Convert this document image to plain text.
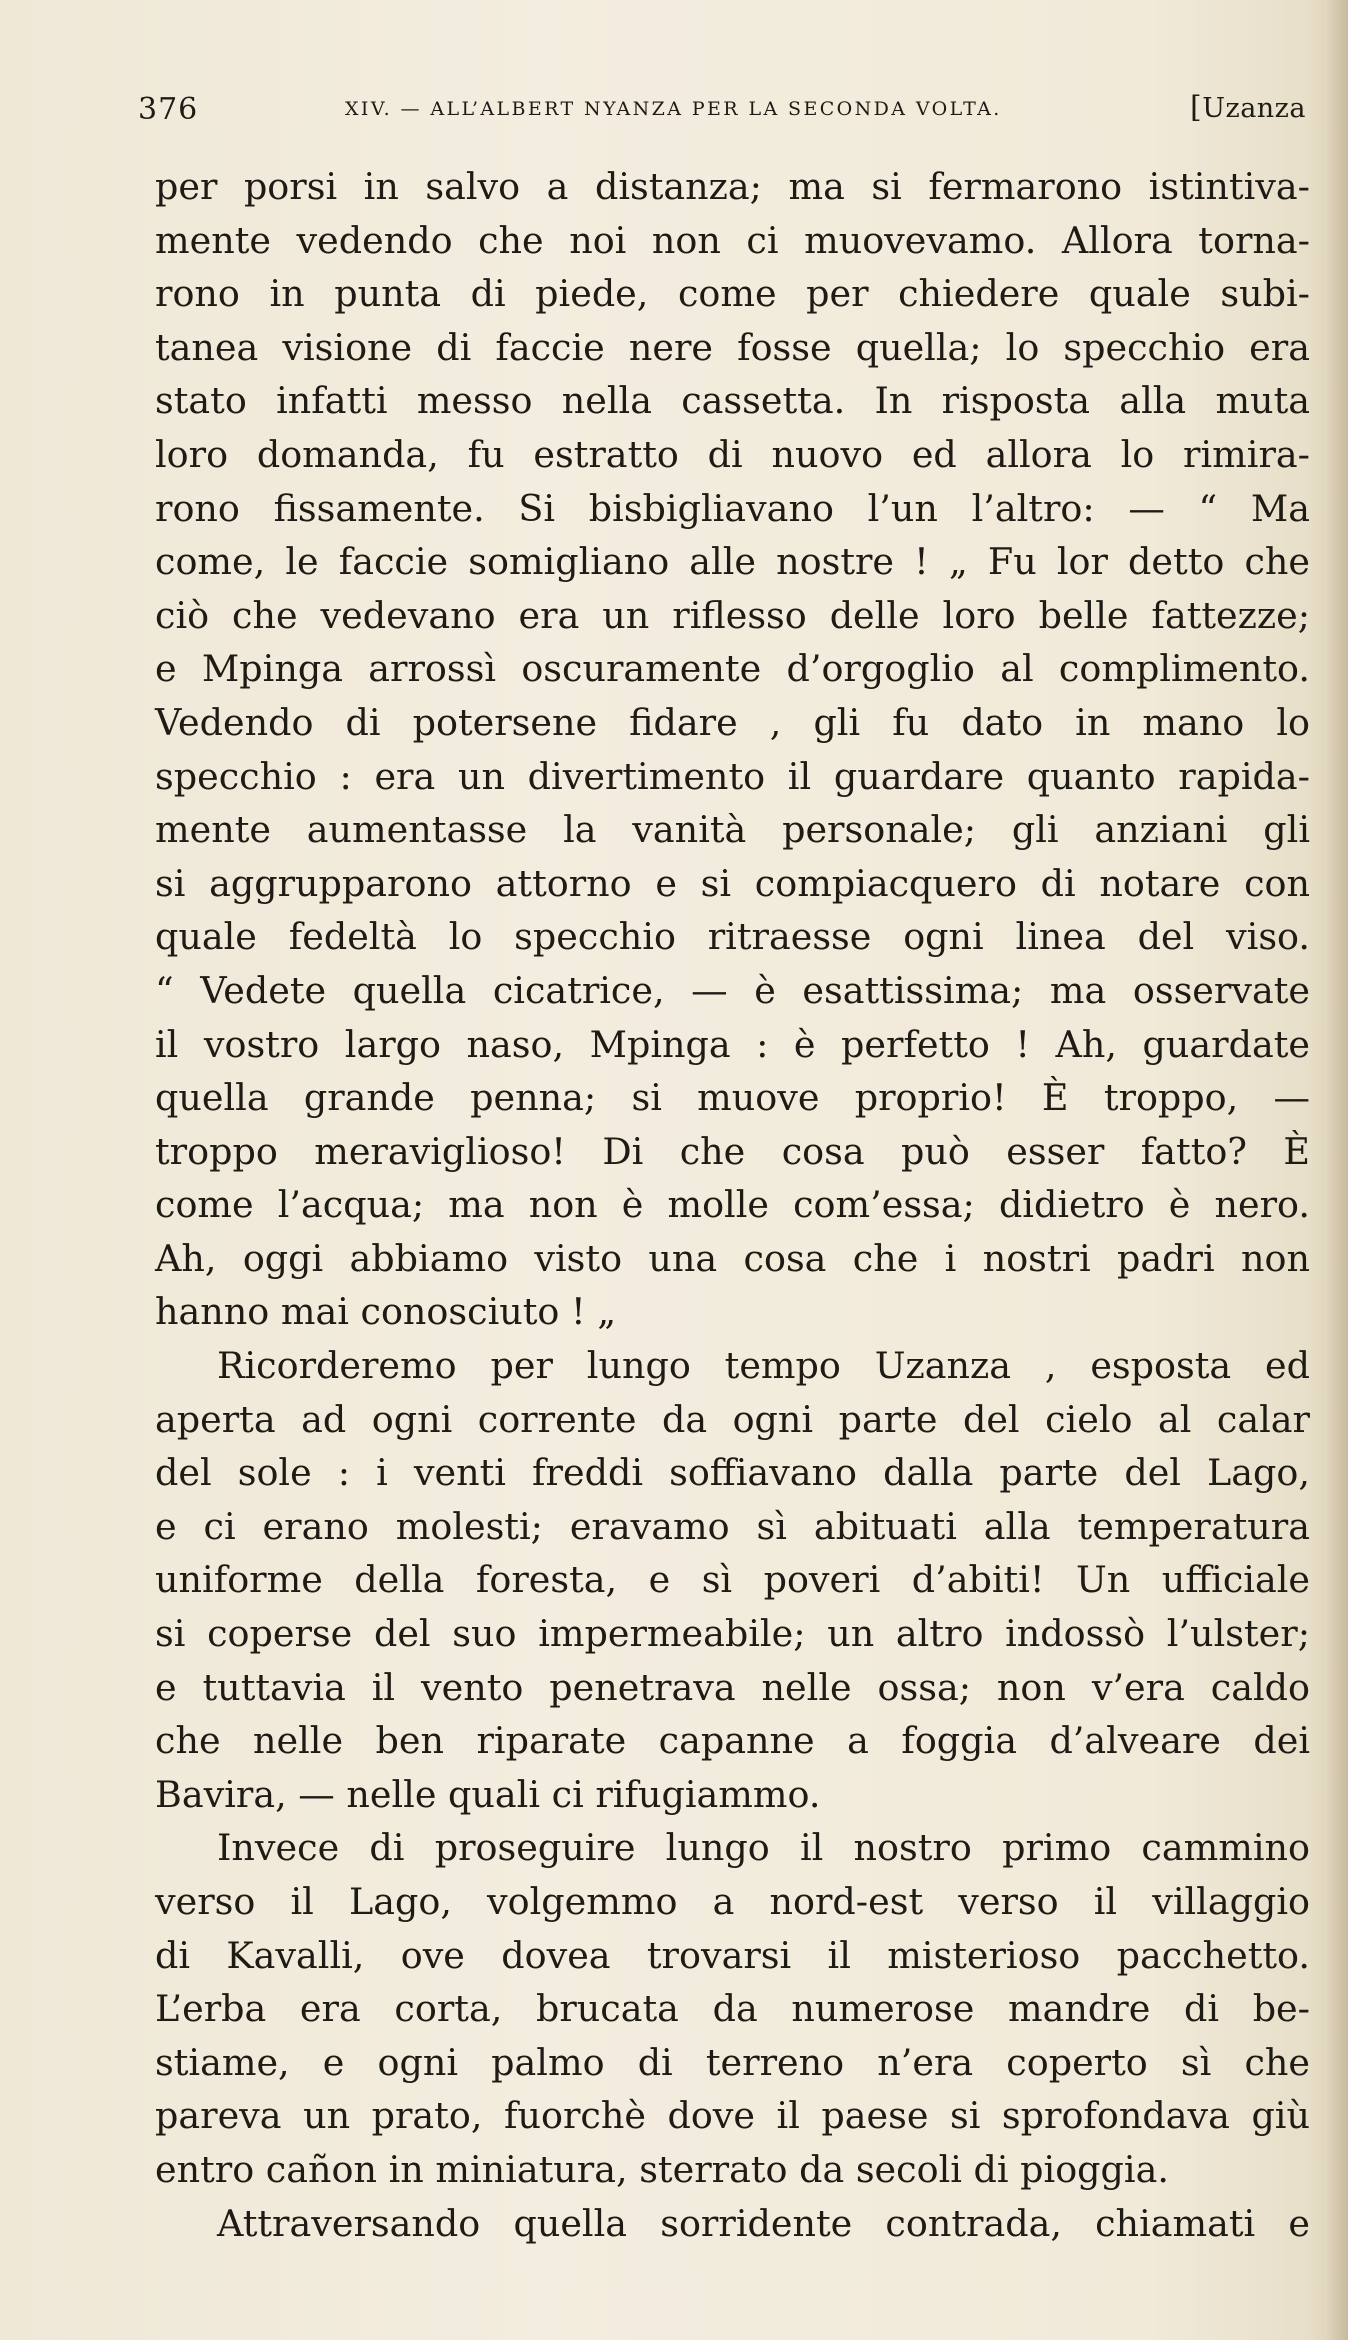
376	XIV. — ALL’ALBERT NYANZA PER LA SECONDA VOLTA.	[Uzanza
per porsi in salvo a distanza; ma si fermarono istintiva-
mente vedendo che noi non ci muovevamo. Allora torna-
rono in punta di piede, come per chiedere quale subi-
tanea visione di faccie nere fosse quella; lo specchio era
stato infatti messo nella cassetta. In risposta alla muta
loro domanda, fu estratto di nuovo ed allora lo rimira-
rono fissamente. Si bisbigliavano l’un l’altro: — “ Ma
come, le faccie somigliano alle nostre ! „ Fu lor detto che
ciò che vedevano era un riflesso delle loro belle fattezze;
e Mpinga arrossì oscuramente d’orgoglio al complimento.
Vedendo di potersene fidare , gli fu dato in mano lo
specchio : era un divertimento il guardare quanto rapida-
mente aumentasse la vanità personale; gli anziani gli
si aggrupparono attorno e si compiacquero di notare con
quale fedeltà lo specchio ritraesse ogni linea del viso.
“ Vedete quella cicatrice, — è esattissima; ma osservate
il vostro largo naso, Mpinga : è perfetto ! Ah, guardate
quella grande penna; si muove proprio! È troppo, —
troppo meraviglioso! Di che cosa può esser fatto? È
come l’acqua; ma non è molle com’essa; didietro è nero.
Ah, oggi abbiamo visto una cosa che i nostri padri non
hanno mai conosciuto ! „
Ricorderemo per lungo tempo Uzanza , esposta ed
aperta ad ogni corrente da ogni parte del cielo al calar
del sole : i venti freddi soffiavano dalla parte del Lago,
e ci erano molesti; eravamo sì abituati alla temperatura
uniforme della foresta, e sì poveri d’abiti! Un ufficiale
si coperse del suo impermeabile; un altro indossò l’ulster;
e tuttavia il vento penetrava nelle ossa; non v’era caldo
che nelle ben riparate capanne a foggia d’alveare dei
Bavira, — nelle quali ci rifugiammo.
Invece di proseguire lungo il nostro primo cammino
verso il Lago, volgemmo a nord-est verso il villaggio
di Kavalli, ove dovea trovarsi il misterioso pacchetto.
L’erba era corta, brucata da numerose mandre di be-
stiame, e ogni palmo di terreno n’era coperto sì che
pareva un prato, fuorchè dove il paese si sprofondava giù
entro cañon in miniatura, sterrato da secoli di pioggia.
Attraversando quella sorridente contrada, chiamati e
